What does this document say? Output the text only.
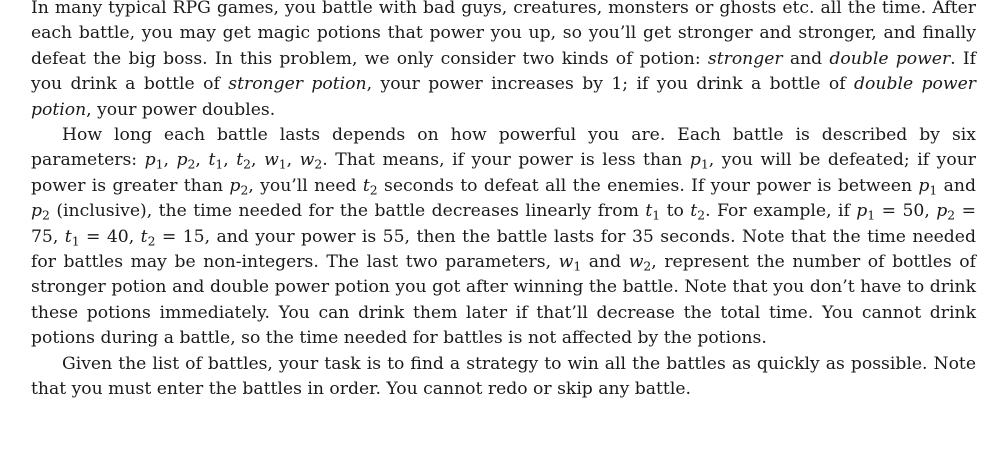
In many typical RPG games, you battle with bad guys, creatures, monsters or ghosts etc. all the time. After each battle, you may get magic potions that power you up, so you’ll get stronger and stronger, and finally defeat the big boss. In this problem, we only consider two kinds of potion: stronger and double power. If you drink a bottle of stronger potion, your power increases by 1; if you drink a bottle of double power potion, your power doubles.

How long each battle lasts depends on how powerful you are. Each battle is described by six parameters: $p_1$, $p_2$, $t_1$, $t_2$, $w_1$, $w_2$. That means, if your power is less than $p_1$, you will be defeated; if your power is greater than $p_2$, you’ll need $t_2$ seconds to defeat all the enemies. If your power is between $p_1$ and $p_2$ (inclusive), the time needed for the battle decreases linearly from $t_1$ to $t_2$. For example, if $p_1 = 50$, $p_2 = 75$, $t_1 = 40$, $t_2 = 15$, and your power is 55, then the battle lasts for 35 seconds. Note that the time needed for battles may be non-integers. The last two parameters, $w_1$ and $w_2$, represent the number of bottles of stronger potion and double power potion you got after winning the battle. Note that you don’t have to drink these potions immediately. You can drink them later if that’ll decrease the total time. You cannot drink potions during a battle, so the time needed for battles is not affected by the potions.

Given the list of battles, your task is to find a strategy to win all the battles as quickly as possible. Note that you must enter the battles in order. You cannot redo or skip any battle.
